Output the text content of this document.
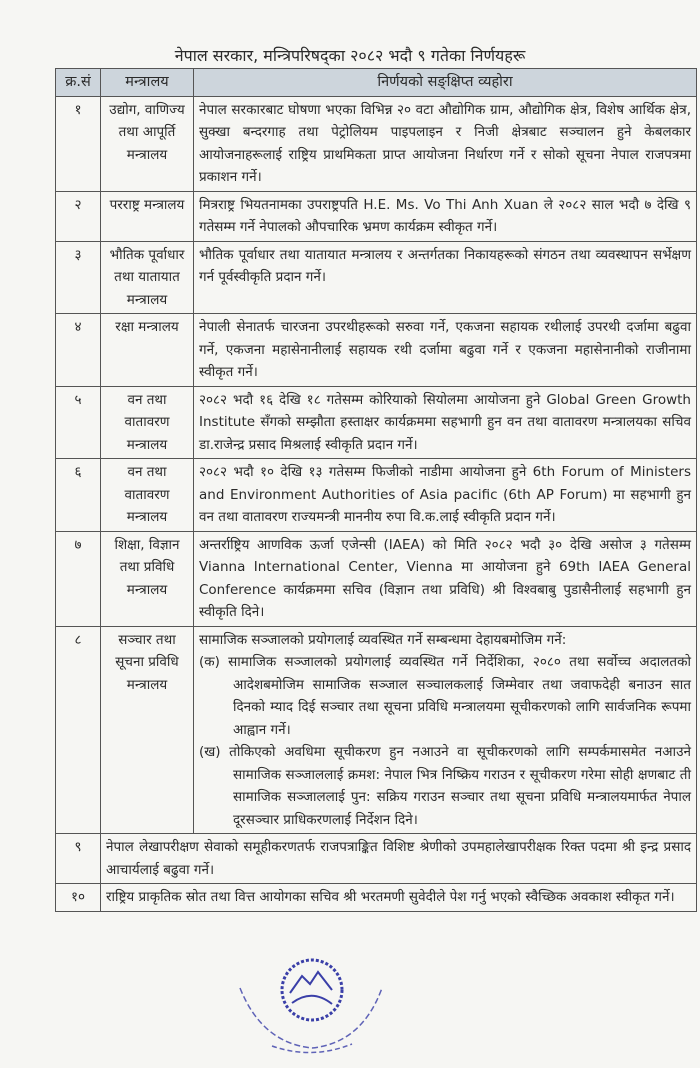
नेपाल सरकार, मन्त्रिपरिषद्का २०८२ भदौ ९ गतेका निर्णयहरू
क्र.सं	मन्त्रालय	निर्णयको सङ्क्षिप्त व्यहोरा
१	उद्योग, वाणिज्य तथा आपूर्ति मन्त्रालय	नेपाल सरकारबाट घोषणा भएका विभिन्न २० वटा औद्योगिक ग्राम, औद्योगिक क्षेत्र, विशेष आर्थिक क्षेत्र, सुक्खा बन्दरगाह तथा पेट्रोलियम पाइपलाइन र निजी क्षेत्रबाट सञ्चालन हुने केबलकार आयोजनाहरूलाई राष्ट्रिय प्राथमिकता प्राप्त आयोजना निर्धारण गर्ने र सोको सूचना नेपाल राजपत्रमा प्रकाशन गर्ने।
२	परराष्ट्र मन्त्रालय	मित्रराष्ट्र भियतनामका उपराष्ट्रपति H.E. Ms. Vo Thi Anh Xuan ले २०८२ साल भदौ ७ देखि ९ गतेसम्म गर्ने नेपालको औपचारिक भ्रमण कार्यक्रम स्वीकृत गर्ने।
३	भौतिक पूर्वाधार तथा यातायात मन्त्रालय	भौतिक पूर्वाधार तथा यातायात मन्त्रालय र अन्तर्गतका निकायहरूको संगठन तथा व्यवस्थापन सर्भेक्षण गर्न पूर्वस्वीकृति प्रदान गर्ने।
४	रक्षा मन्त्रालय	नेपाली सेनातर्फ चारजना उपरथीहरूको सरुवा गर्ने, एकजना सहायक रथीलाई उपरथी दर्जामा बढुवा गर्ने, एकजना महासेनानीलाई सहायक रथी दर्जामा बढुवा गर्ने र एकजना महासेनानीको राजीनामा स्वीकृत गर्ने।
५	वन तथा वातावरण मन्त्रालय	२०८२ भदौ १६ देखि १८ गतेसम्म कोरियाको सियोलमा आयोजना हुने Global Green Growth Institute सँगको सम्झौता हस्ताक्षर कार्यक्रममा सहभागी हुन वन तथा वातावरण मन्त्रालयका सचिव डा.राजेन्द्र प्रसाद मिश्रलाई स्वीकृति प्रदान गर्ने।
६	वन तथा वातावरण मन्त्रालय	२०८२ भदौ १० देखि १३ गतेसम्म फिजीको नाडीमा आयोजना हुने 6th Forum of Ministers and Environment Authorities of Asia pacific (6th AP Forum) मा सहभागी हुन वन तथा वातावरण राज्यमन्त्री माननीय रुपा वि.क.लाई स्वीकृति प्रदान गर्ने।
७	शिक्षा, विज्ञान तथा प्रविधि मन्त्रालय	अन्तर्राष्ट्रिय आणविक ऊर्जा एजेन्सी (IAEA) को मिति २०८२ भदौ ३० देखि असोज ३ गतेसम्म Vianna International Center, Vienna मा आयोजना हुने 69th IAEA General Conference कार्यक्रममा सचिव (विज्ञान तथा प्रविधि) श्री विश्वबाबु पुडासैनीलाई सहभागी हुन स्वीकृति दिने।
८	सञ्चार तथा सूचना प्रविधि मन्त्रालय	सामाजिक सञ्जालको प्रयोगलाई व्यवस्थित गर्ने सम्बन्धमा देहायबमोजिम गर्ने:
(क) सामाजिक सञ्जालको प्रयोगलाई व्यवस्थित गर्ने निर्देशिका, २०८० तथा सर्वोच्च अदालतको आदेशबमोजिम सामाजिक सञ्जाल सञ्चालकलाई जिम्मेवार तथा जवाफदेही बनाउन सात दिनको म्याद दिई सञ्चार तथा सूचना प्रविधि मन्त्रालयमा सूचीकरणको लागि सार्वजनिक रूपमा आह्वान गर्ने।
(ख) तोकिएको अवधिमा सूचीकरण हुन नआउने वा सूचीकरणको लागि सम्पर्कमासमेत नआउने सामाजिक सञ्जाललाई क्रमश: नेपाल भित्र निष्क्रिय गराउन र सूचीकरण गरेमा सोही क्षणबाट ती सामाजिक सञ्जाललाई पुन: सक्रिय गराउन सञ्चार तथा सूचना प्रविधि मन्त्रालयमार्फत नेपाल दूरसञ्चार प्राधिकरणलाई निर्देशन दिने।

९	नेपाल लेखापरीक्षण सेवाको समूहीकरणतर्फ राजपत्राङ्कित विशिष्ट श्रेणीको उपमहालेखापरीक्षक रिक्त पदमा श्री इन्द्र प्रसाद आचार्यलाई बढुवा गर्ने।	
१०	राष्ट्रिय प्राकृतिक स्रोत तथा वित्त आयोगका सचिव श्री भरतमणी सुवेदीले पेश गर्नु भएको स्वैच्छिक अवकाश स्वीकृत गर्ने।	
